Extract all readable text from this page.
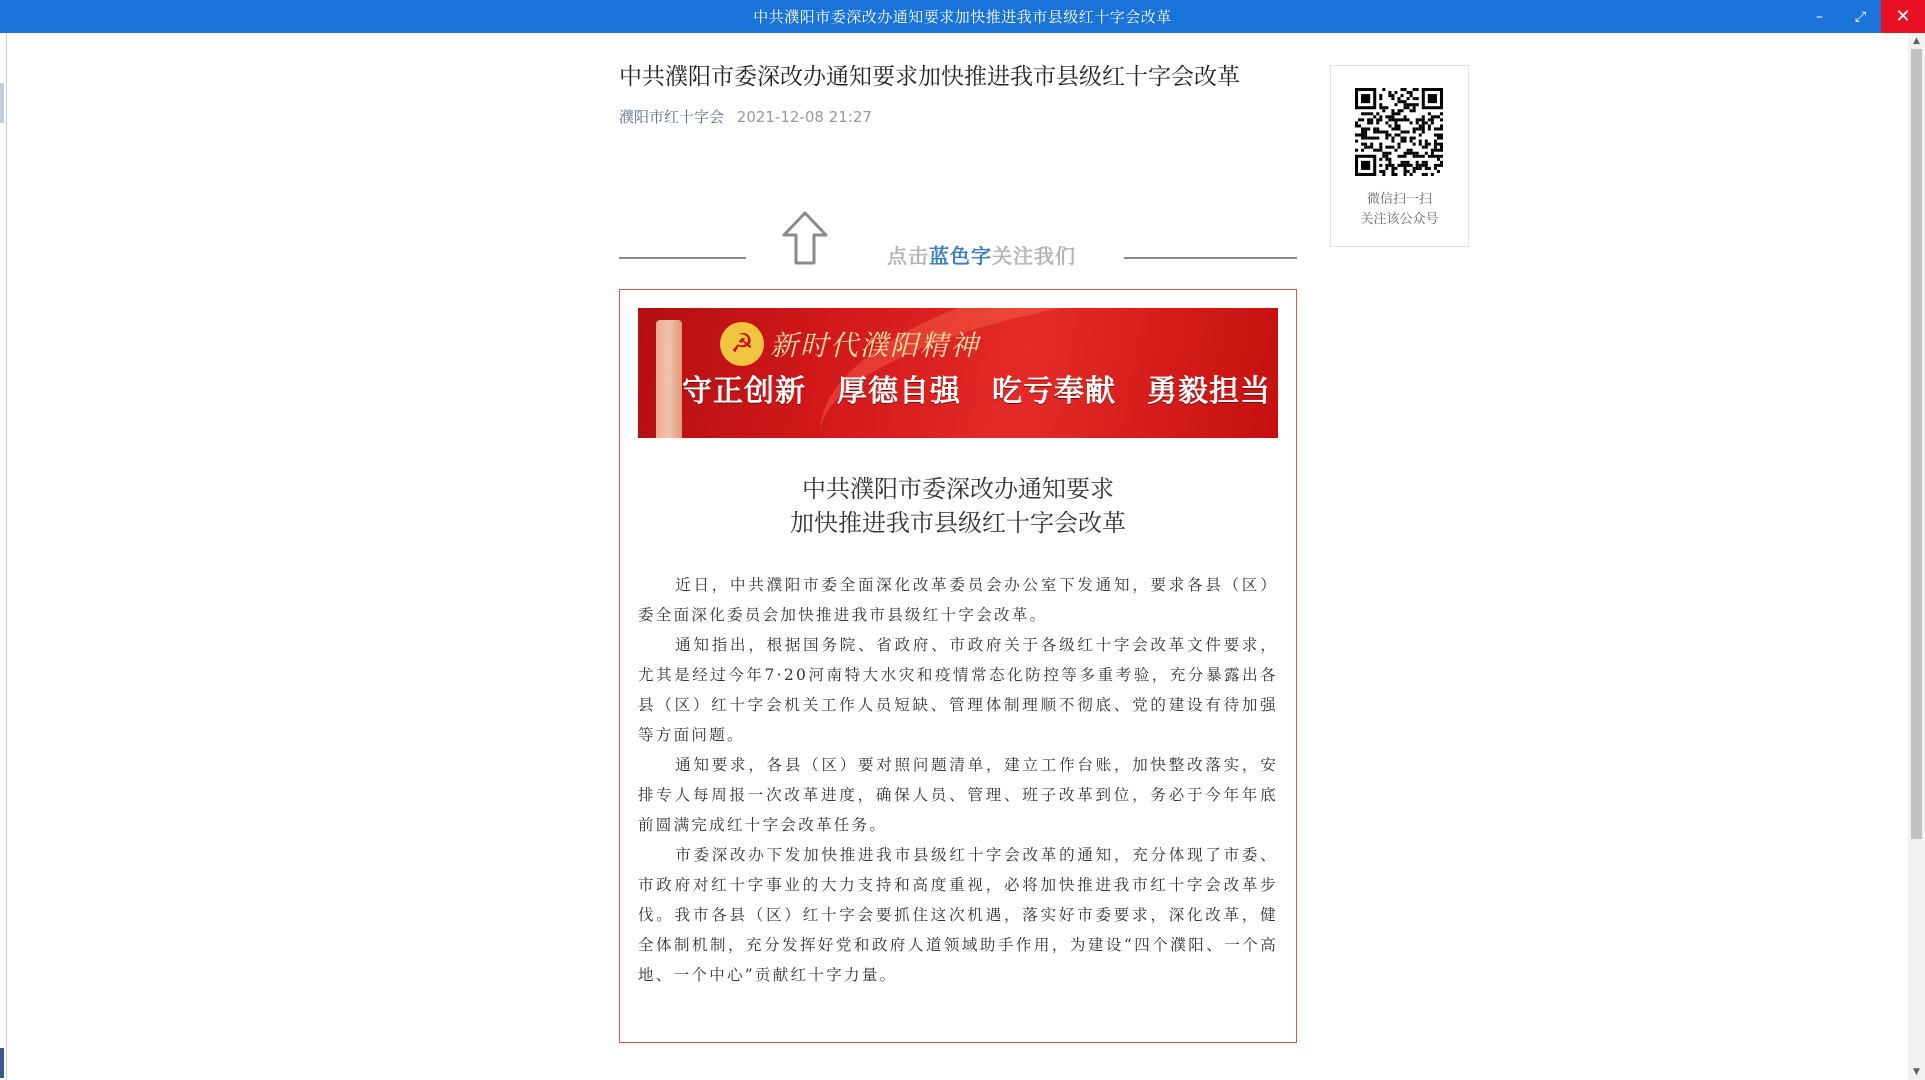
中共濮阳市委深改办通知要求加快推进我市县级红十字会改革	–	⤢	✕
中共濮阳市委深改办通知要求加快推进我市县级红十字会改革
濮阳市红十字会 2021-12-08 21:27
点击蓝色字关注我们
☭ 新时代濮阳精神
守正创新　厚德自强　吃亏奉献　勇毅担当
中共濮阳市委深改办通知要求
加快推进我市县级红十字会改革

近日，中共濮阳市委全面深化改革委员会办公室下发通知，要求各县（区）委全面深化委员会加快推进我市县级红十字会改革。

通知指出，根据国务院、省政府、市政府关于各级红十字会改革文件要求，尤其是经过今年7·20河南特大水灾和疫情常态化防控等多重考验，充分暴露出各县（区）红十字会机关工作人员短缺、管理体制理顺不彻底、党的建设有待加强等方面问题。

通知要求，各县（区）要对照问题清单，建立工作台账，加快整改落实，安排专人每周报一次改革进度，确保人员、管理、班子改革到位，务必于今年年底前圆满完成红十字会改革任务。

市委深改办下发加快推进我市县级红十字会改革的通知，充分体现了市委、市政府对红十字事业的大力支持和高度重视，必将加快推进我市红十字会改革步伐。我市各县（区）红十字会要抓住这次机遇，落实好市委要求，深化改革，健全体制机制，充分发挥好党和政府人道领域助手作用，为建设“四个濮阳、一个高地、一个中心”贡献红十字力量。

微信扫一扫
关注该公众号
▲
▼
